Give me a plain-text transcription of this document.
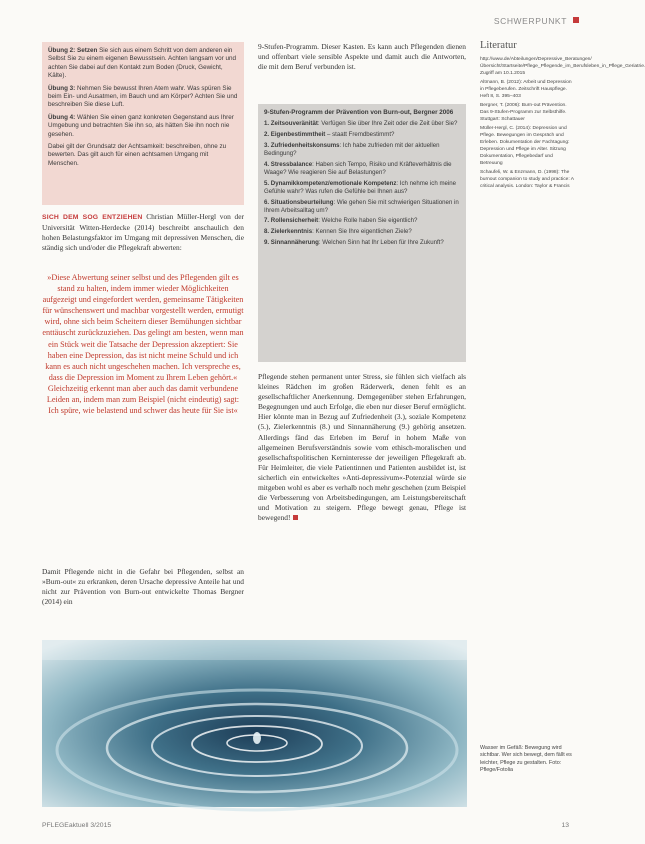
SCHWERPUNKT

Übung 2: Setzen Sie sich aus einem Schritt von dem anderen ein Selbst Sie zu einem eigenen Bewusstsein. Achten langsam vor und achten Sie dabei auf den Kontakt zum Boden (Druck, Gewicht, Kälte).

Übung 3: Nehmen Sie bewusst Ihren Atem wahr. Was spüren Sie beim Ein- und Ausatmen, im Bauch und am Körper? Achten Sie und beschreiben Sie diese Luft.

Übung 4: Wählen Sie einen ganz konkreten Gegenstand aus Ihrer Umgebung und betrachten Sie ihn so, als hätten Sie ihn noch nie gesehen.

Dabei gilt der Grundsatz der Achtsamkeit: beschreiben, ohne zu bewerten. Das gilt auch für einen achtsamen Umgang mit Menschen.

SICH DEM SOG ENTZIEHEN Christian Müller-Hergl von der Universität Witten-Herdecke (2014) beschreibt anschaulich den hohen Belastungsfaktor im Umgang mit depressiven Menschen, die ständig sich und/oder die Pflegekraft abwerten:
»Diese Abwertung seiner selbst und des Pflegenden gilt es stand zu halten, indem immer wieder Möglichkeiten aufgezeigt und eingefordert werden, gemeinsame Tätigkeiten für wünschenswert und machbar vorgestellt werden, ermutigt wird, ohne sich beim Scheitern dieser Bemühungen sichtbar enttäuscht zurückzuziehen. Das gelingt am besten, wenn man ein Stück weit die Tatsache der Depression akzeptiert: Sie haben eine Depression, das ist nicht meine Schuld und ich kann es auch nicht ungeschehen machen. Ich verspreche es, dass die Depression im Moment zu Ihrem Leben gehört.« Gleichzeitig erkennt man aber auch das damit verbundene Leiden an, indem man zum Beispiel (nicht eindeutig) sagt: Ich spüre, wie belastend und schwer das heute für Sie ist«
Damit Pflegende nicht in die Gefahr bei Pflegenden, selbst an »Burn-out« zu erkranken, deren Ursache depressive Anteile hat und nicht zur Prävention von Burn-out entwickelte Thomas Bergner (2014) ein
9-Stufen-Programm. Dieser Kasten. Es kann auch Pflegenden dienen und offenbart viele sensible Aspekte und damit auch die Antworten, die mit dem Beruf verbunden ist.
9-Stufen-Programm der Prävention von Burn-out, Bergner 2006
1. Zeitsouveränität: Verfügen Sie über Ihre Zeit oder die Zeit über Sie?
2. Eigenbestimmtheit – staatt Fremdbestimmt?
3. Zufriedenheitskonsums: Ich habe zufrieden mit der aktuellen Bedingung?
4. Stressbalance: Haben sich Tempo, Risiko und Kräfteverhältnis die Waage? Wie reagieren Sie auf Belastungen?
5. Dynamikkompetenz/emotionale Kompetenz: Ich nehme ich meine Gefühle wahr? Was rufen die Gefühle bei Ihnen aus?
6. Situationsbeurteilung: Wie gehen Sie mit schwierigen Situationen in Ihrem Arbeitsalltag um?
7. Rollensicherheit: Welche Rolle haben Sie eigentlich?
8. Zielerkenntnis: Kennen Sie Ihre eigentlichen Ziele?
9. Sinnannäherung: Welchen Sinn hat Ihr Leben für Ihre Zukunft?
Pflegende stehen permanent unter Stress, sie fühlen sich vielfach als kleines Rädchen im großen Räderwerk, denen fehlt es an gesellschaftlicher Anerkennung. Demgegenüber stehen Erfahrungen, Begegnungen und auch Erfolge, die eben nur dieser Beruf ermöglicht. Hier könnte man in Bezug auf Zufriedenheit (3.), soziale Kompetenz (5.), Zielerkenntnis (8.) und Sinnannäherung (9.) gehörig ansetzen. Allerdings fänd das Erleben im Beruf in hohem Maße von allgemeinen Berufsverständnis sowie vom ethisch-moralischen und gesellschaftspolitischen Kerninteresse der jeweiligen Pflegekraft ab. Für Heimleiter, die viele Patientinnen und Patienten ausbildet ist, ist sicherlich ein entwickeltes »Anti-depressivum«-Potenzial würde sie mitgeben wohl es aber es verhalb noch mehr geschehen (zum Beispiel die Verbesserung von Arbeitsbedingungen, am Leistungsbereitschaft und Motivation zu steigern. Pflege bewegt genau, Pflege ist bewegend!
Literatur

http://www.de/Abteilungen/Depressive_Beratungen/Übersicht/Startseite/Pflege_Pflegende_im_Berufsleben_in_Pflege_Geriatrie. Zugriff am 10.1.2015

Altmann, B. (2012): Arbeit und Depression in Pflegeberufen. Zeitschrift Hauspflege. Heft 8, S. 395–403

Bergner, T. (2006): Burn-out Prävention. Das 9-Stufen-Programm zur Selbsthilfe. Stuttgart: Schattauer

Müller-Hergl, C. (2014): Depression und Pflege. Bewegungen im Gespräch und Erleben. Dokumentation der Fachtagung: Depression und Pflege im Alter. Sitzung Dokumentation, Pflegebedarf und Betreuung

Schaufeli, W. & Enzmann, D. (1998): The burnout companion to study and practice: A critical analysis. London: Taylor & Francis

Wasser im Gefäß: Bewegung wird sichtbar. Wer sich bewegt, dem fällt es leichter, Pflege zu gestalten. Foto: Pflege/Fotolia
PFLEGEaktuell 3/2015	13
